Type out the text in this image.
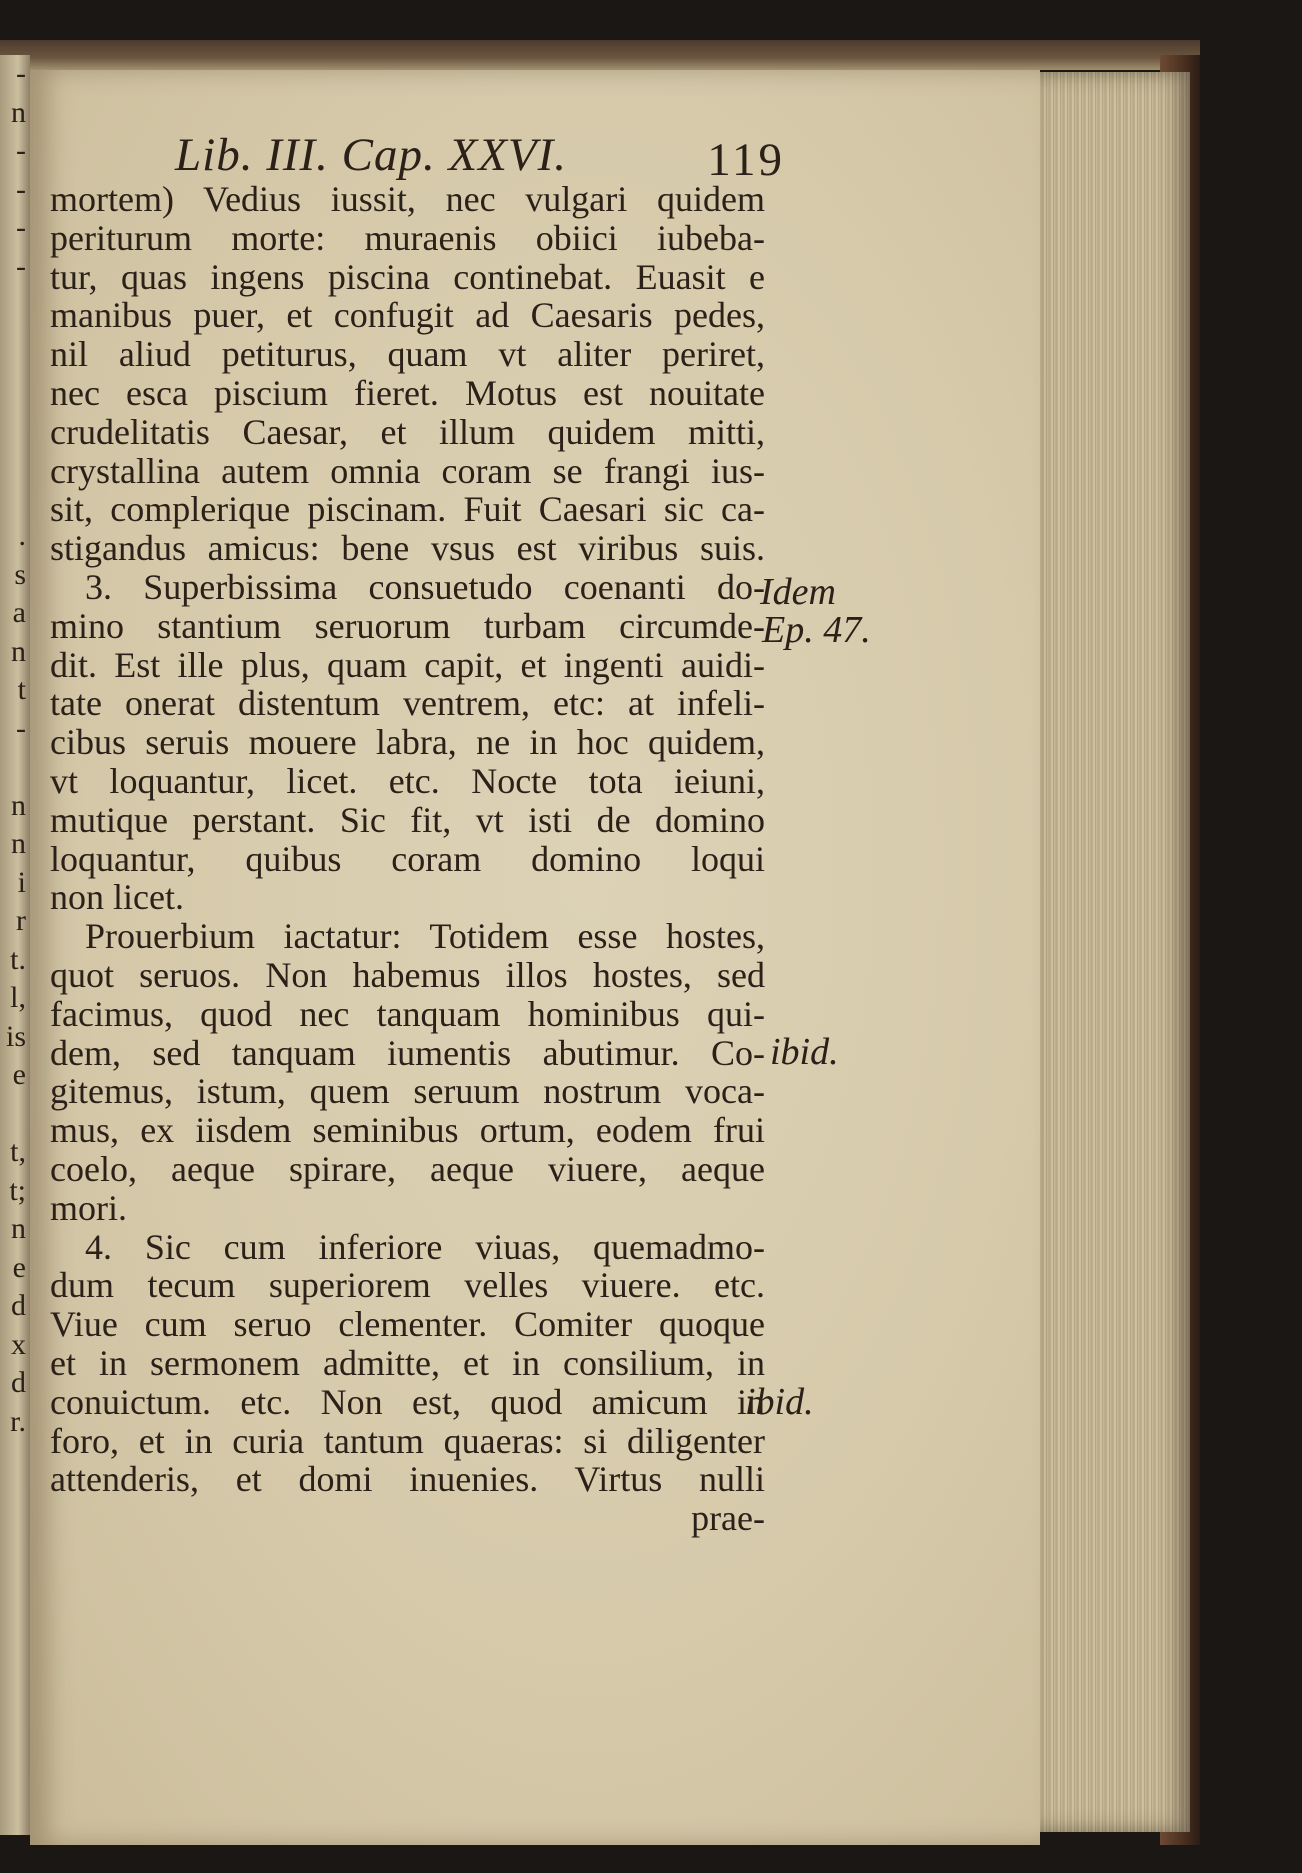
-
n
-
-
-
-
.
s
a
n
t
-
n
n
i
r
t.
l,
is
e
t,
t;
n
e
d
x
d
r.
Lib. III. Cap. XXVI.	119
mortem) Vedius iussit, nec vulgari quidem
periturum morte: muraenis obiici iubeba-
tur, quas ingens piscina continebat. Euasit e
manibus puer, et confugit ad Caesaris pedes,
nil aliud petiturus, quam vt aliter periret,
nec esca piscium fieret. Motus est nouitate
crudelitatis Caesar, et illum quidem mitti,
crystallina autem omnia coram se frangi ius-
sit, complerique piscinam. Fuit Caesari sic ca-
stigandus amicus: bene vsus est viribus suis.
3. Superbissima consuetudo coenanti do-
mino stantium seruorum turbam circumde-
dit. Est ille plus, quam capit, et ingenti auidi-
tate onerat distentum ventrem, etc: at infeli-
cibus seruis mouere labra, ne in hoc quidem,
vt loquantur, licet. etc. Nocte tota ieiuni,
mutique perstant. Sic fit, vt isti de domino
loquantur, quibus coram domino loqui
non licet.
Prouerbium iactatur: Totidem esse hostes,
quot seruos. Non habemus illos hostes, sed
facimus, quod nec tanquam hominibus qui-
dem, sed tanquam iumentis abutimur. Co-
gitemus, istum, quem seruum nostrum voca-
mus, ex iisdem seminibus ortum, eodem frui
coelo, aeque spirare, aeque viuere, aeque
mori.
4. Sic cum inferiore viuas, quemadmo-
dum tecum superiorem velles viuere. etc.
Viue cum seruo clementer. Comiter quoque
et in sermonem admitte, et in consilium, in
conuictum. etc. Non est, quod amicum in
foro, et in curia tantum quaeras: si diligenter
attenderis, et domi inuenies. Virtus nulli
prae-
Idem
Ep. 47.
ibid.
ibid.
